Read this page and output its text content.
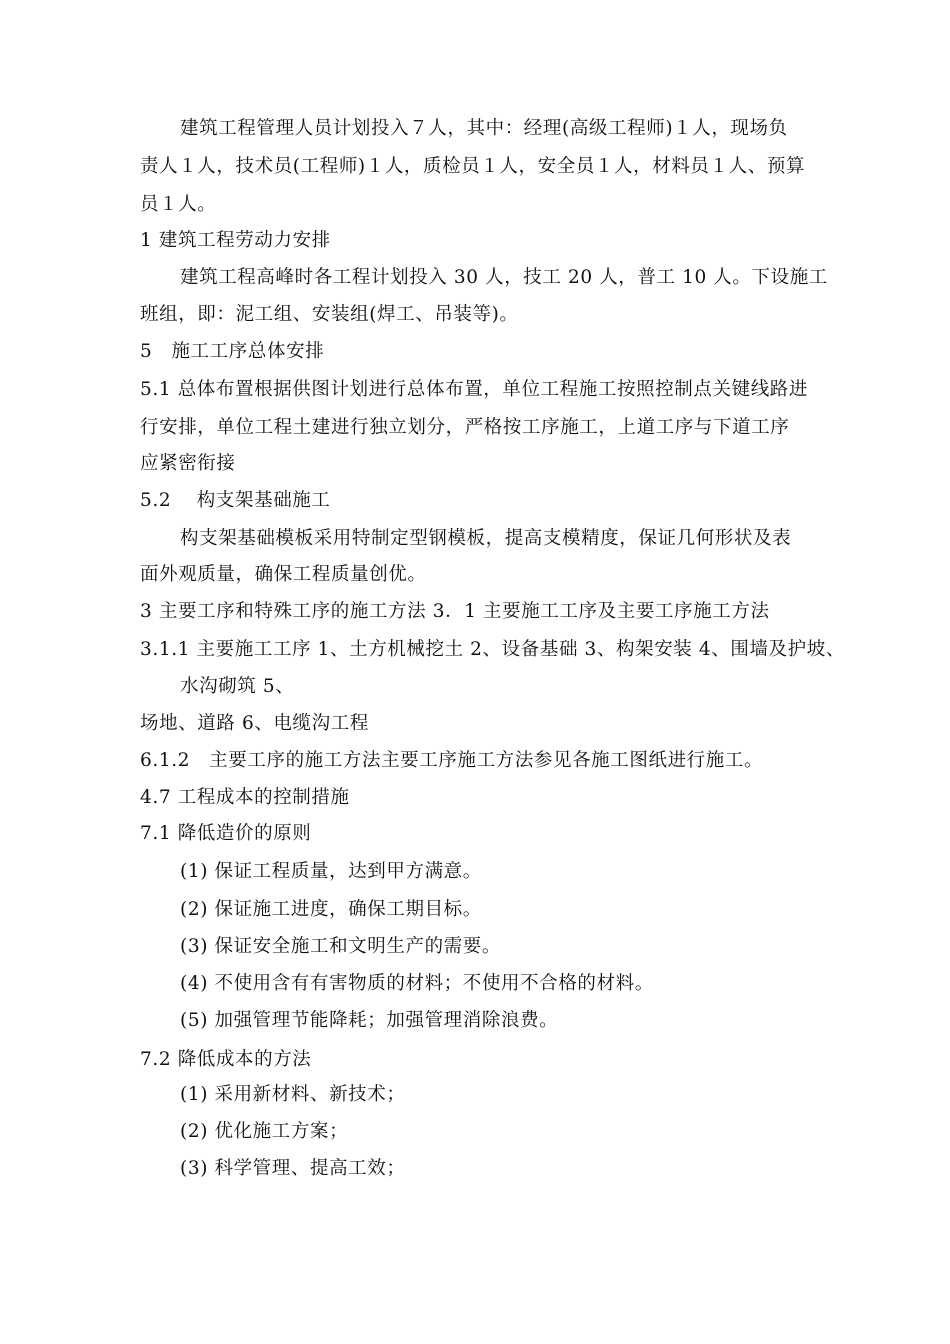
建筑工程管理人员计划投入７人，其中：经理(高级工程师)１人，现场负
责人１人，技术员(工程师)１人，质检员１人，安全员１人，材料员１人、预算
员１人。
1 建筑工程劳动力安排
建筑工程高峰时各工程计划投入 30 人，技工 20 人，普工 10 人。下设施工
班组，即：泥工组、安装组(焊工、吊装等)。
5　施工工序总体安排
5.1 总体布置根据供图计划进行总体布置，单位工程施工按照控制点关键线路进
行安排，单位工程土建进行独立划分，严格按工序施工，上道工序与下道工序
应紧密衔接
5.2　 构支架基础施工
构支架基础模板采用特制定型钢模板，提高支模精度，保证几何形状及表
面外观质量，确保工程质量创优。
3 主要工序和特殊工序的施工方法 3．1 主要施工工序及主要工序施工方法
3.1.1 主要施工工序 1、土方机械挖土 2、设备基础 3、构架安装 4、围墙及护坡、
水沟砌筑 5、
场地、道路 6、电缆沟工程
6.1.2　主要工序的施工方法主要工序施工方法参见各施工图纸进行施工。
4.7 工程成本的控制措施
7.1 降低造价的原则
(1) 保证工程质量，达到甲方满意。
(2) 保证施工进度，确保工期目标。
(3) 保证安全施工和文明生产的需要。
(4) 不使用含有有害物质的材料；不使用不合格的材料。
(5) 加强管理节能降耗；加强管理消除浪费。
7.2 降低成本的方法
(1) 采用新材料、新技术；
(2) 优化施工方案；
(3) 科学管理、提高工效；
